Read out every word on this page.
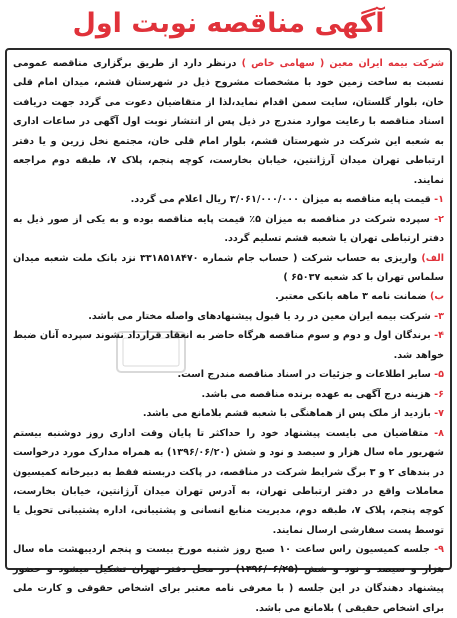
آگهی مناقصه نوبت اول
شرکت بیمه ایران معین ( سهامی خاص ) درنظر دارد از طریق برگزاری مناقصه عمومی نسبت به ساخت زمین خود با مشخصات مشروح ذیل در شهرستان قشم، میدان امام قلی خان، بلوار گلستان، سایت سمن اقدام نماید،لذا از متقاضیان دعوت می گردد جهت دریافت اسناد مناقصه با رعایت موارد مندرج در ذیل پس از انتشار نوبت اول آگهی در ساعات اداری به شعبه این شرکت در شهرستان قشم، بلوار امام قلی خان، مجتمع نخل زرین و یا دفتر ارتباطی تهران میدان آرژانتین، خیابان بخارست، کوچه پنجم، پلاک ۷، طبقه دوم مراجعه نمایند.
۱- قیمت پایه مناقصه به میزان ۳/۰۶۱/۰۰۰/۰۰۰ ریال اعلام می گردد.
۲- سپرده شرکت در مناقصه به میزان ۵٪ قیمت پایه مناقصه بوده و به یکی از صور ذیل به دفتر ارتباطی تهران یا شعبه قشم تسلیم گردد.
الف) واریزی به حساب شرکت ( حساب جام شماره ۳۳۱۸۵۱۸۴۷۰ نزد بانک ملت شعبه میدان سلماس تهران با کد شعبه ۶۵۰۳۷ )
ب) ضمانت نامه ۳ ماهه بانکی معتبر.
۳- شرکت بیمه ایران معین در رد یا قبول پیشنهادهای واصله مختار می باشد.
۴- برندگان اول و دوم و سوم مناقصه هرگاه حاضر به انعقاد قرارداد نشوند سپرده آنان ضبط خواهد شد.
۵- سایر اطلاعات و جزئیات در اسناد مناقصه مندرج است.
۶- هزینه درج آگهی به عهده برنده مناقصه می باشد.
۷- بازدید از ملک پس از هماهنگی با شعبه قشم بلامانع می باشد.
۸- متقاضیان می بایست پیشنهاد خود را حداکثر تا پایان وقت اداری روز دوشنبه بیستم شهریور ماه سال هزار و سیصد و نود و شش (۱۳۹۶/۰۶/۲۰) به همراه مدارک مورد درخواست در بندهای ۲ و ۳ برگ شرایط شرکت در مناقصه، در پاکت دربسته فقط به دبیرخانه کمیسیون معاملات واقع در دفتر ارتباطی تهران، به آدرس تهران میدان آرژانتین، خیابان بخارست، کوچه پنجم، پلاک ۷، طبقه دوم، مدیریت منابع انسانی و پشتیبانی، اداره پشتیبانی تحویل یا توسط پست سفارشی ارسال نمایند.
۹- جلسه کمیسیون راس ساعت ۱۰ صبح روز شنبه مورخ بیست و پنجم اردیبهشت ماه سال هزار و سیصد و نود و شش (۱۳۹۶/۰۶/۲۵) در محل دفتر تهران تشکیل میشود و حضور پیشنهاد دهندگان در این جلسه ( با معرفی نامه معتبر برای اشخاص حقوقی و کارت ملی برای اشخاص حقیقی ) بلامانع می باشد.
